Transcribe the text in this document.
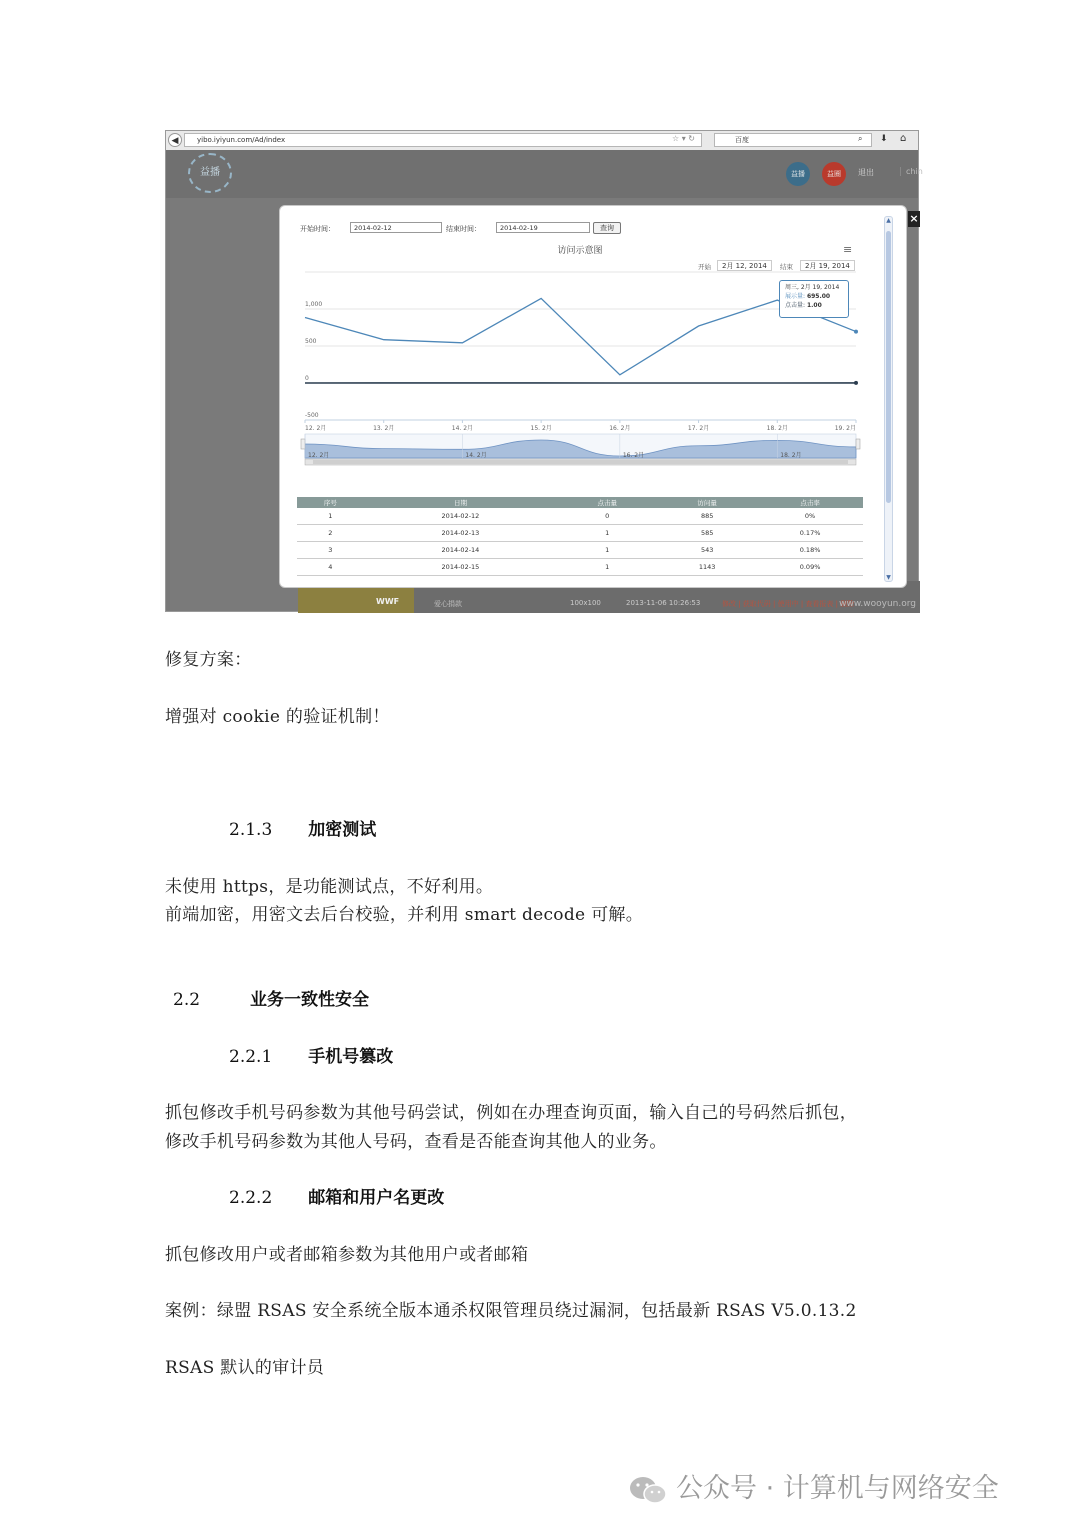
◀	yibo.iyiyun.com/Ad/index	☆ ▾ ↻	百度	⌕ ⬇ ⌂
益播	益播	益圈	退出	chin
WWF	爱心捐款	100x100	2013-11-06 10:26:53	修改 | 获取代码 | 使用中 | 查看报表 | 删除
www.wooyun.org
开始时间：	2014-02-12	结束时间：	2014-02-19	查询
访问示意图	≡
开始	2月 12, 2014	结束	2月 19, 2014
-500
0
500
1,000
12. 2月	13. 2月	14. 2月	15. 2月	16. 2月	17. 2月	18. 2月	19. 2月
12. 2月	14. 2月	16. 2月	18. 2月
周三, 2月 19, 2014
展示量: 695.00
点击量: 1.00
序号	日期	点击量	访问量	点击率
1	2014-02-12	0	885	0%
2	2014-02-13	1	585	0.17%
3	2014-02-14	1	543	0.18%
4	2014-02-15	1	1143	0.09%
▲
▼
×
修复方案：
增强对 cookie 的验证机制！
2.1.3 加密测试
未使用 https，是功能测试点，不好利用。
前端加密，用密文去后台校验，并利用 smart decode 可解。
2.2	业务一致性安全
2.2.1 手机号篡改
抓包修改手机号码参数为其他号码尝试，例如在办理查询页面，输入自己的号码然后抓包，
修改手机号码参数为其他人号码，查看是否能查询其他人的业务。
2.2.2 邮箱和用户名更改
抓包修改用户或者邮箱参数为其他用户或者邮箱
案例：绿盟 RSAS 安全系统全版本通杀权限管理员绕过漏洞，包括最新 RSAS V5.0.13.2
RSAS 默认的审计员
公众号 · 计算机与网络安全
